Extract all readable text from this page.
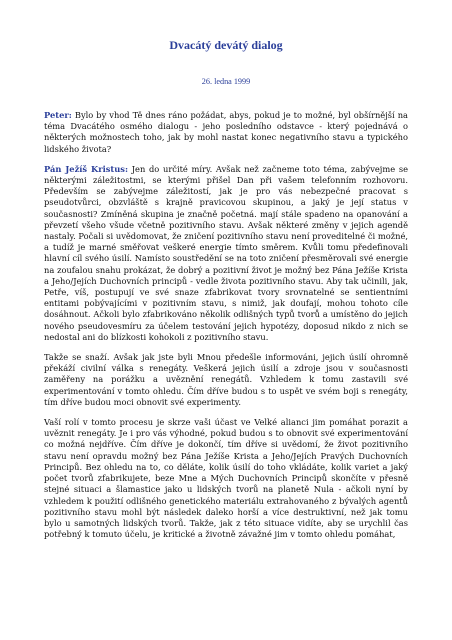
Dvacátý devátý dialog
26. ledna 1999

Peter: Bylo by vhod Tě dnes ráno požádat, abys, pokud je to možné, byl obšírnější na téma Dvacátého osmého dialogu - jeho posledního odstavce - který pojednává o některých možnostech toho, jak by mohl nastat konec negativního stavu a typického lidského života?

Pán Ježíš Kristus: Jen do určité míry. Avšak než začneme toto téma, zabývejme se některými záležitostmi, se kterými přišel Dan při vašem telefonním rozhovoru. Především se zabývejme záležitostí, jak je pro vás nebezpečné pracovat s pseudotvůrci, obzvláště s krajně pravicovou skupinou, a jaký je její status v současnosti? Zmíněná skupina je značně početná. mají stále spadeno na opanování a převzetí všeho všude včetně pozitivního stavu. Avšak některé změny v jejich agendě nastaly. Počali si uvědomovat, že zničení pozitivního stavu není proveditelné či možné, a tudíž je marné směřovat veškeré energie tímto směrem. Kvůli tomu předefinovali hlavní cíl svého úsilí. Namísto soustředění se na toto zničení přesměrovali své energie na zoufalou snahu prokázat, že dobrý a pozitivní život je možný bez Pána Ježíše Krista a Jeho/Jejích Duchovních principů - vedle života pozitivního stavu. Aby tak učinili, jak, Petře, víš, postupují ve své snaze zfabrikovat tvory srovnatelné se sentientními entitami pobývajícími v pozitivním stavu, s nimiž, jak doufají, mohou tohoto cíle dosáhnout. Ačkoli bylo zfabrikováno několik odlišných typů tvorů a umístěno do jejich nového pseudovesmíru za účelem testování jejich hypotézy, doposud nikdo z nich se nedostal ani do blízkosti kohokoli z pozitivního stavu.

Takže se snaží. Avšak jak jste byli Mnou předešle informováni, jejich úsilí ohromně překáží civilní válka s renegáty. Veškerá jejich úsilí a zdroje jsou v současnosti zaměřeny na porážku a uvěznění renegátů. Vzhledem k tomu zastavili své experimentování v tomto ohledu. Čím dříve budou s to uspět ve svém boji s renegáty, tím dříve budou moci obnovit své experimenty.

Vaší rolí v tomto procesu je skrze vaši účast ve Velké alianci jim pomáhat porazit a uvěznit renegáty. Je i pro vás výhodné, pokud budou s to obnovit své experimentování co možná nejdříve. Čím dříve je dokončí, tím dříve si uvědomí, že život pozitivního stavu není opravdu možný bez Pána Ježíše Krista a Jeho/Jejích Pravých Duchovních Principů. Bez ohledu na to, co děláte, kolik úsilí do toho vkládáte, kolik variet a jaký počet tvorů zfabrikujete, beze Mne a Mých Duchovních Principů skončíte v přesně stejné situaci a šlamastice jako u lidských tvorů na planetě Nula - ačkoli nyní by vzhledem k použití odlišného genetického materiálu extrahovaného z bývalých agentů pozitivního stavu mohl být následek daleko horší a více destruktivní, než jak tomu bylo u samotných lidských tvorů. Takže, jak z této situace vidíte, aby se urychlil čas potřebný k tomuto účelu, je kritické a životně závažné jim v tomto ohledu pomáhat,
